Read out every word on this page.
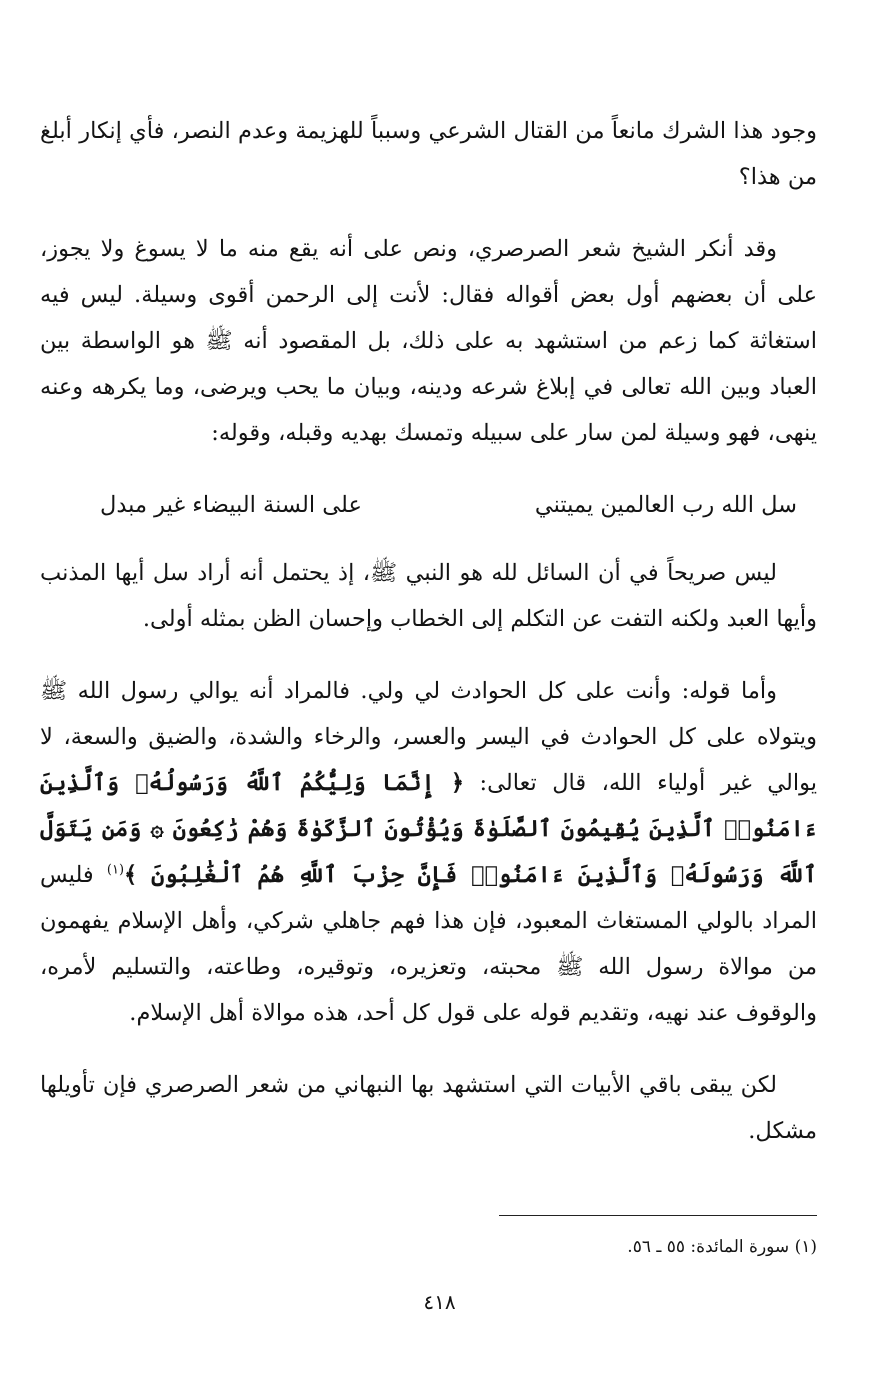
وجود هذا الشرك مانعاً من القتال الشرعي وسبباً للهزيمة وعدم النصر، فأي إنكار أبلغ من هذا؟

وقد أنكر الشيخ شعر الصرصري، ونص على أنه يقع منه ما لا يسوغ ولا يجوز، على أن بعضهم أول بعض أقواله فقال: لأنت إلى الرحمن أقوى وسيلة. ليس فيه استغاثة كما زعم من استشهد به على ذلك، بل المقصود أنه ﷺ هو الواسطة بين العباد وبين الله تعالى في إبلاغ شرعه ودينه، وبيان ما يحب ويرضى، وما يكرهه وعنه ينهى، فهو وسيلة لمن سار على سبيله وتمسك بهديه وقبله، وقوله:

سل الله رب العالمين يميتني
على السنة البيضاء غير مبدل

ليس صريحاً في أن السائل لله هو النبي ﷺ، إذ يحتمل أنه أراد سل أيها المذنب وأيها العبد ولكنه التفت عن التكلم إلى الخطاب وإحسان الظن بمثله أولى.

وأما قوله: وأنت على كل الحوادث لي ولي. فالمراد أنه يوالي رسول الله ﷺ ويتولاه على كل الحوادث في اليسر والعسر، والرخاء والشدة، والضيق والسعة، لا يوالي غير أولياء الله، قال تعالى: ﴿ إِنَّمَا وَلِيُّكُمُ ٱللَّهُ وَرَسُولُهُۥ وَٱلَّذِينَ ءَامَنُوا۟ ٱلَّذِينَ يُقِيمُونَ ٱلصَّلَوٰةَ وَيُؤْتُونَ ٱلزَّكَوٰةَ وَهُمْ رَٰكِعُونَ ۞ وَمَن يَتَوَلَّ ٱللَّهَ وَرَسُولَهُۥ وَٱلَّذِينَ ءَامَنُوا۟ فَإِنَّ حِزْبَ ٱللَّهِ هُمُ ٱلْغَٰلِبُونَ ﴾$^{(١)}$ فليس المراد بالولي المستغاث المعبود، فإن هذا فهم جاهلي شركي، وأهل الإسلام يفهمون من موالاة رسول الله ﷺ محبته، وتعزيره، وتوقيره، وطاعته، والتسليم لأمره، والوقوف عند نهيه، وتقديم قوله على قول كل أحد، هذه موالاة أهل الإسلام.

لكن يبقى باقي الأبيات التي استشهد بها النبهاني من شعر الصرصري فإن تأويلها مشكل.

(١) سورة المائدة: ٥٥ ـ ٥٦.

٤١٨
